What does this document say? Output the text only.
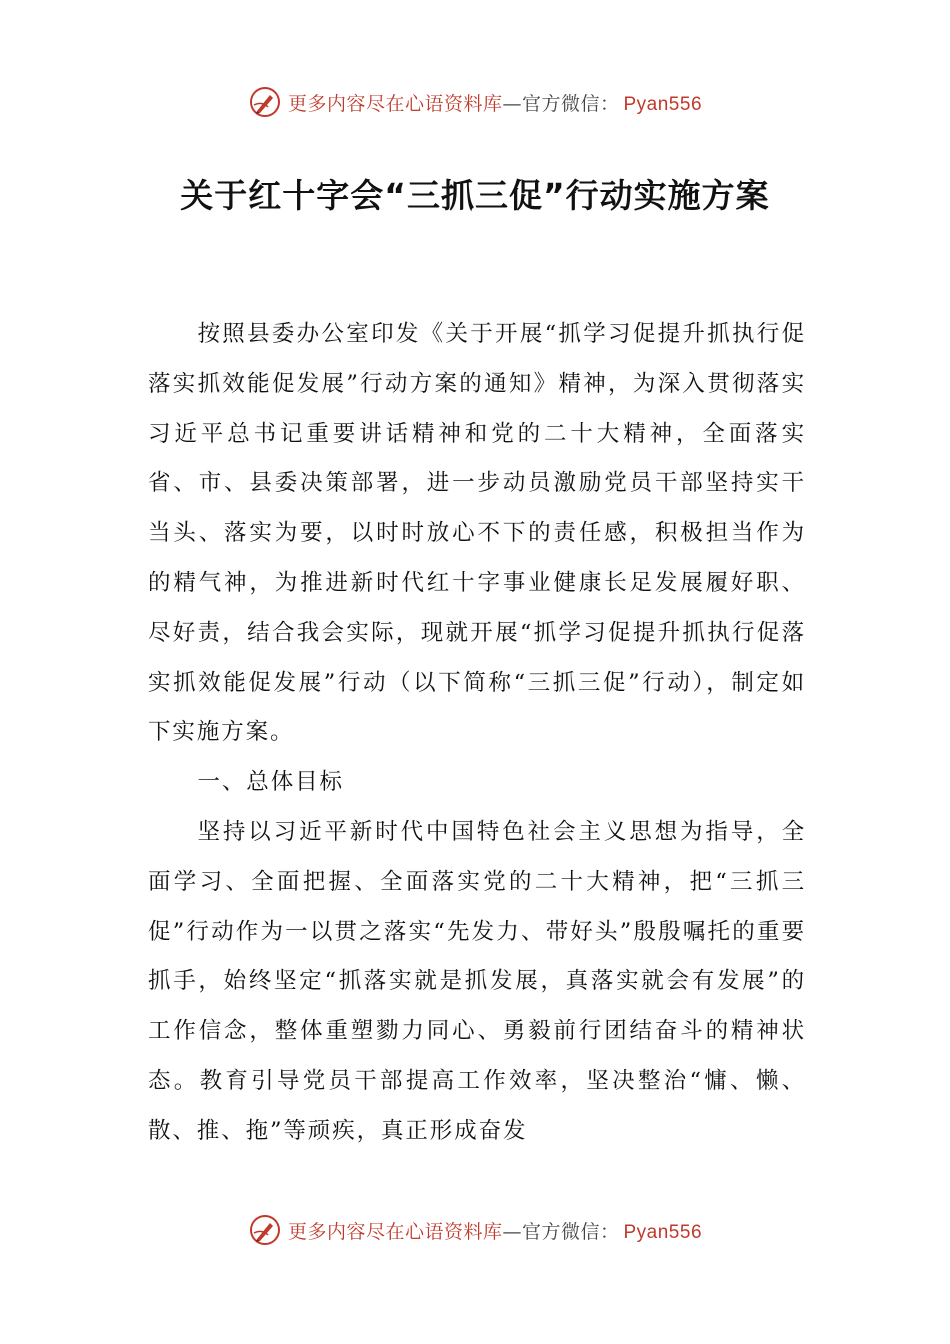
更多内容尽在心语资料库—官方微信： Pyan556
关于红十字会“三抓三促”行动实施方案

按照县委办公室印发《关于开展“抓学习促提升抓执行促落实抓效能促发展”行动方案的通知》精神，为深入贯彻落实习近平总书记重要讲话精神和党的二十大精神，全面落实省、市、县委决策部署，进一步动员激励党员干部坚持实干当头、落实为要，以时时放心不下的责任感，积极担当作为的精气神，为推进新时代红十字事业健康长足发展履好职、尽好责，结合我会实际，现就开展“抓学习促提升抓执行促落实抓效能促发展”行动（以下简称“三抓三促”行动），制定如下实施方案。

一、总体目标

坚持以习近平新时代中国特色社会主义思想为指导，全面学习、全面把握、全面落实党的二十大精神，把“三抓三促”行动作为一以贯之落实“先发力、带好头”殷殷嘱托的重要抓手，始终坚定“抓落实就是抓发展，真落实就会有发展”的工作信念，整体重塑勠力同心、勇毅前行团结奋斗的精神状态。教育引导党员干部提高工作效率，坚决整治“慵、懒、散、推、拖”等顽疾，真正形成奋发

更多内容尽在心语资料库—官方微信： Pyan556
